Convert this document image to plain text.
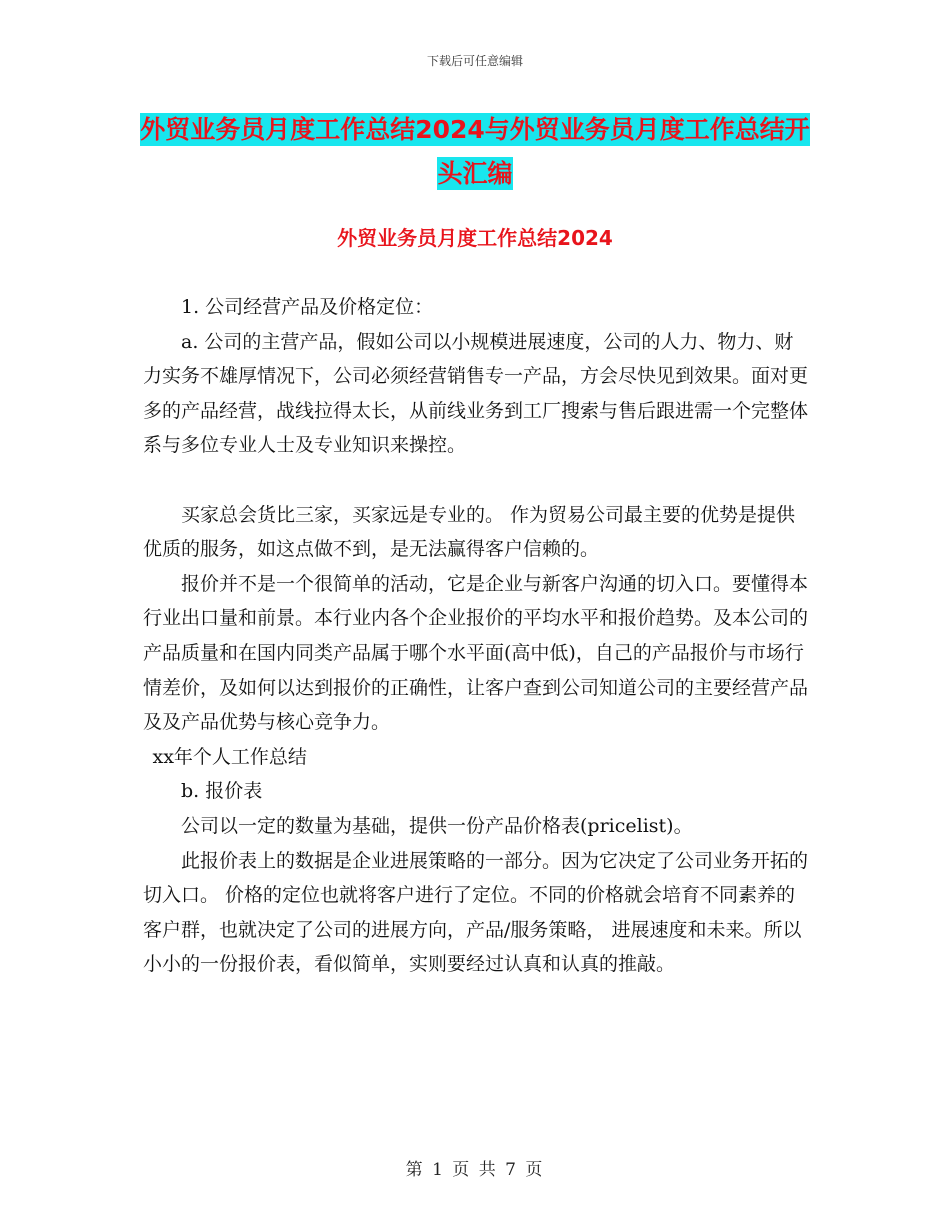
下载后可任意编辑
外贸业务员月度工作总结2024与外贸业务员月度工作总结开头汇编
外贸业务员月度工作总结2024

1. 公司经营产品及价格定位：

a. 公司的主营产品，假如公司以小规模进展速度，公司的人力、物力、财力实务不雄厚情况下，公司必须经营销售专一产品，方会尽快见到效果。面对更多的产品经营，战线拉得太长，从前线业务到工厂搜索与售后跟进需一个完整体系与多位专业人士及专业知识来操控。

买家总会货比三家，买家远是专业的。 作为贸易公司最主要的优势是提供优质的服务，如这点做不到，是无法赢得客户信赖的。

报价并不是一个很简单的活动，它是企业与新客户沟通的切入口。要懂得本行业出口量和前景。本行业内各个企业报价的平均水平和报价趋势。及本公司的产品质量和在国内同类产品属于哪个水平面(高中低)，自己的产品报价与市场行情差价，及如何以达到报价的正确性，让客户查到公司知道公司的主要经营产品及及产品优势与核心竞争力。

xx年个人工作总结

b. 报价表

公司以一定的数量为基础，提供一份产品价格表(pricelist)。

此报价表上的数据是企业进展策略的一部分。因为它决定了公司业务开拓的切入口。 价格的定位也就将客户进行了定位。不同的价格就会培育不同素养的客户群，也就决定了公司的进展方向，产品/服务策略， 进展速度和未来。所以小小的一份报价表，看似简单，实则要经过认真和认真的推敲。

第 1 页 共 7 页
